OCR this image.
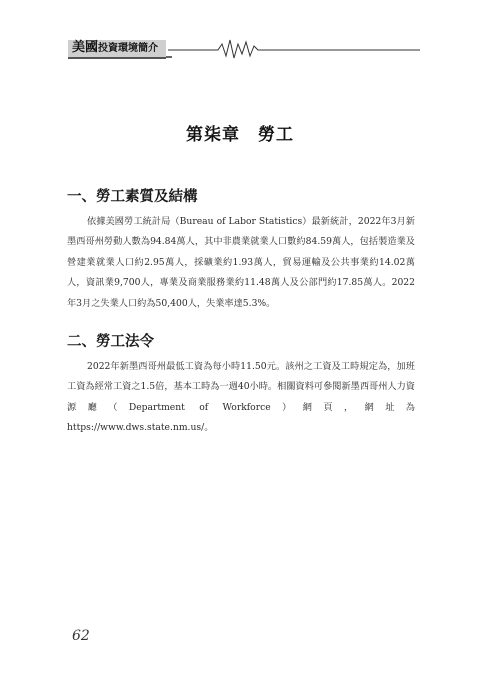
美國投資環境簡介
第柒章　勞工
一、勞工素質及結構

依據美國勞工統計局（Bureau of Labor Statistics）最新統計，2022年3月新墨西哥州勞動人數為94.84萬人，其中非農業就業人口數約84.59萬人，包括製造業及營建業就業人口約2.95萬人，採礦業約1.93萬人，貿易運輸及公共事業約14.02萬人，資訊業9,700人，專業及商業服務業約11.48萬人及公部門約17.85萬人。2022年3月之失業人口約為50,400人，失業率達5.3%。

二、勞工法令

2022年新墨西哥州最低工資為每小時11.50元。該州之工資及工時規定為，加班工資為經常工資之1.5倍，基本工時為一週40小時。相關資料可參閱新墨西哥州人力資源廳（Department of Workforce）網頁，網址為https://www.dws.state.nm.us/。

62
